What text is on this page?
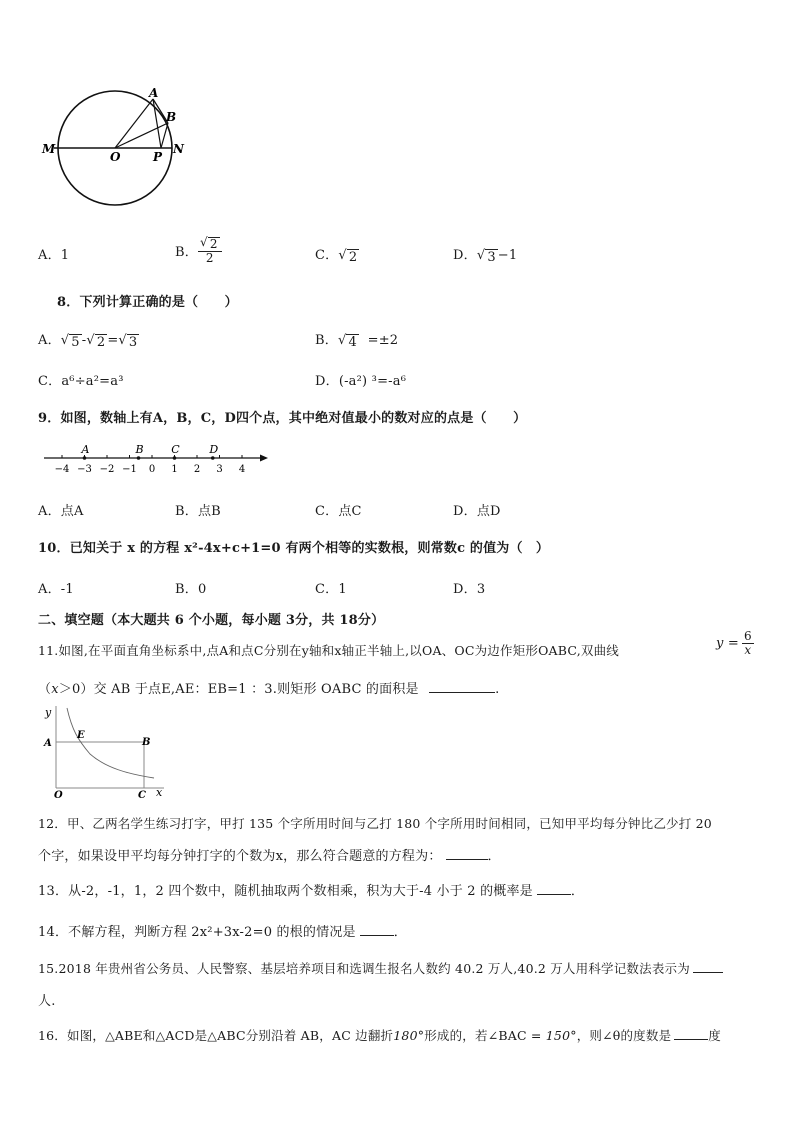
A
B
M
O	P
N
A．1	B． $\frac{√ 2}{2}$	C． √ 2	D． √ 3 −1
8．下列计算正确的是（　　）
A． √ 5 - √ 2 = √ 3	B． √ 4 =±2
C．a⁶÷a²=a³	D．(-a²) ³=-a⁶
9．如图，数轴上有A，B，C，D四个点，其中绝对值最小的数对应的点是（　　）
−4 −3 −2 −1 0 1 2 3 4
A	B	C	D
A．点A	B．点B	C．点C	D．点D
10．已知关于 x 的方程 x²-4x+c+1=0 有两个相等的实数根，则常数c 的值为（　）
A．-1	B．0	C．1	D．3
二、填空题（本大题共 6 个小题，每小题 3分，共 18分）
11.如图,在平面直角坐标系中,点A和点C分别在y轴和x轴正半轴上,以OA、OC为边作矩形OABC,双曲线	$y = \frac{6}{x}$
（x＞0）交 AB 于点E,AE：EB=1 ：3.则矩形 OABC 的面积是	.
y
A
E
B
O	C x
12．甲、乙两名学生练习打字，甲打 135 个字所用时间与乙打 180 个字所用时间相同，已知甲平均每分钟比乙少打 20
个字，如果设甲平均每分钟打字的个数为x，那么符合题意的方程为：	．
13．从-2，-1，1，2 四个数中，随机抽取两个数相乘，积为大于-4 小于 2 的概率是	．
14．不解方程，判断方程 2x²+3x-2=0 的根的情况是	．
15.2018 年贵州省公务员、人民警察、基层培养项目和选调生报名人数约 40.2 万人,40.2 万人用科学记数法表示为
人.
16．如图，△ABE和△ACD是△ABC分别沿着 AB，AC 边翻折180°形成的，若∠BAC = 150°，则∠θ的度数是	度
